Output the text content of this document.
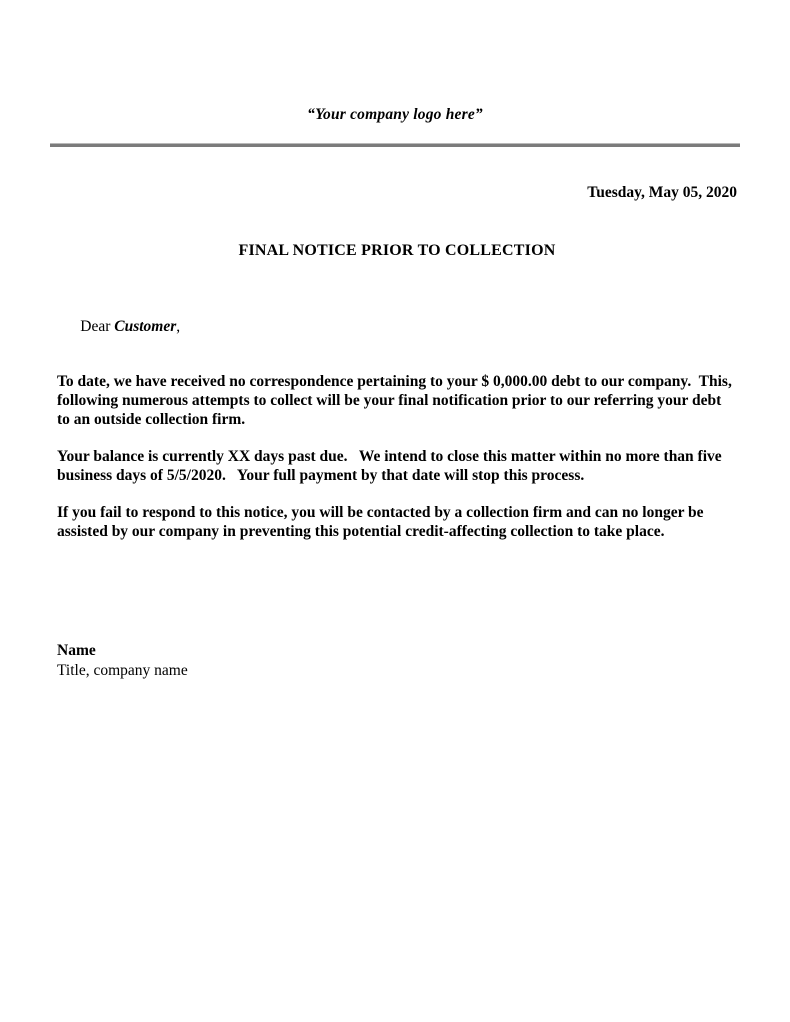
“Your company logo here”
Tuesday, May 05, 2020
FINAL NOTICE PRIOR TO COLLECTION

Dear Customer,

To date, we have received no correspondence pertaining to your $ 0,000.00 debt to our company.  This, following numerous attempts to collect will be your final notification prior to our referring your debt to an outside collection firm.

Your balance is currently XX days past due.   We intend to close this matter within no more than five business days of 5/5/2020.   Your full payment by that date will stop this process.

If you fail to respond to this notice, you will be contacted by a collection firm and can no longer be assisted by our company in preventing this potential credit-affecting collection to take place.

Name
Title, company name
